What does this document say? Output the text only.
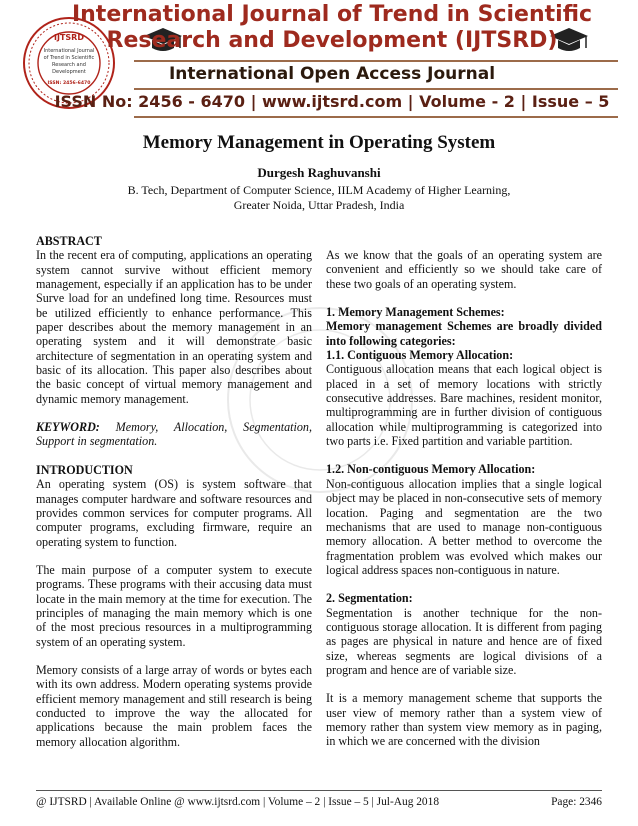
IJTSRD
International Journal
of Trend in Scientific
Research and
Development
ISSN: 2456-6470
International Journal of Trend in Scientific
Research and Development (IJTSRD)
International Open Access Journal
ISSN No: 2456 - 6470 | www.ijtsrd.com | Volume - 2 | Issue – 5
Memory Management in Operating System
Durgesh Raghuvanshi
B. Tech, Department of Computer Science, IILM Academy of Higher Learning,
Greater Noida, Uttar Pradesh, India

ABSTRACT

In the recent era of computing, applications an operating system cannot survive without efficient memory management, especially if an application has to be under Surve load for an undefined long time. Resources must be utilized efficiently to enhance performance. This paper describes about the memory management in an operating system and it will demonstrate basic architecture of segmentation in an operating system and basic of its allocation. This paper also describes about the basic concept of virtual memory management and dynamic memory management.

KEYWORD: Memory, Allocation, Segmentation, Support in segmentation.

INTRODUCTION

An operating system (OS) is system software that manages computer hardware and software resources and provides common services for computer programs. All computer programs, excluding firmware, require an operating system to function.

The main purpose of a computer system to execute programs. These programs with their accusing data must locate in the main memory at the time for execution. The principles of managing the main memory which is one of the most precious resources in a multiprogramming system of an operating system.

Memory consists of a large array of words or bytes each with its own address. Modern operating systems provide efficient memory management and still research is being conducted to improve the way the allocated for applications because the main problem faces the memory allocation algorithm.

As we know that the goals of an operating system are convenient and efficiently so we should take care of these two goals of an operating system.

1. Memory Management Schemes:

Memory management Schemes are broadly divided into following categories:

1.1. Contiguous Memory Allocation:

Contiguous allocation means that each logical object is placed in a set of memory locations with strictly consecutive addresses. Bare machines, resident monitor, multiprogramming are in further division of contiguous allocation while multiprogramming is categorized into two parts i.e. Fixed partition and variable partition.

1.2. Non-contiguous Memory Allocation:

Non-contiguous allocation implies that a single logical object may be placed in non-consecutive sets of memory location. Paging and segmentation are the two mechanisms that are used to manage non-contiguous memory allocation. A better method to overcome the fragmentation problem was evolved which makes our logical address spaces non-contiguous in nature.

2. Segmentation:

Segmentation is another technique for the non-contiguous storage allocation. It is different from paging as pages are physical in nature and hence are of fixed size, whereas segments are logical divisions of a program and hence are of variable size.

It is a memory management scheme that supports the user view of memory rather than a system view of memory rather than system view memory as in paging, in which we are concerned with the division

@ IJTSRD | Available Online @ www.ijtsrd.com | Volume – 2 | Issue – 5 | Jul-Aug 2018	Page: 2346
